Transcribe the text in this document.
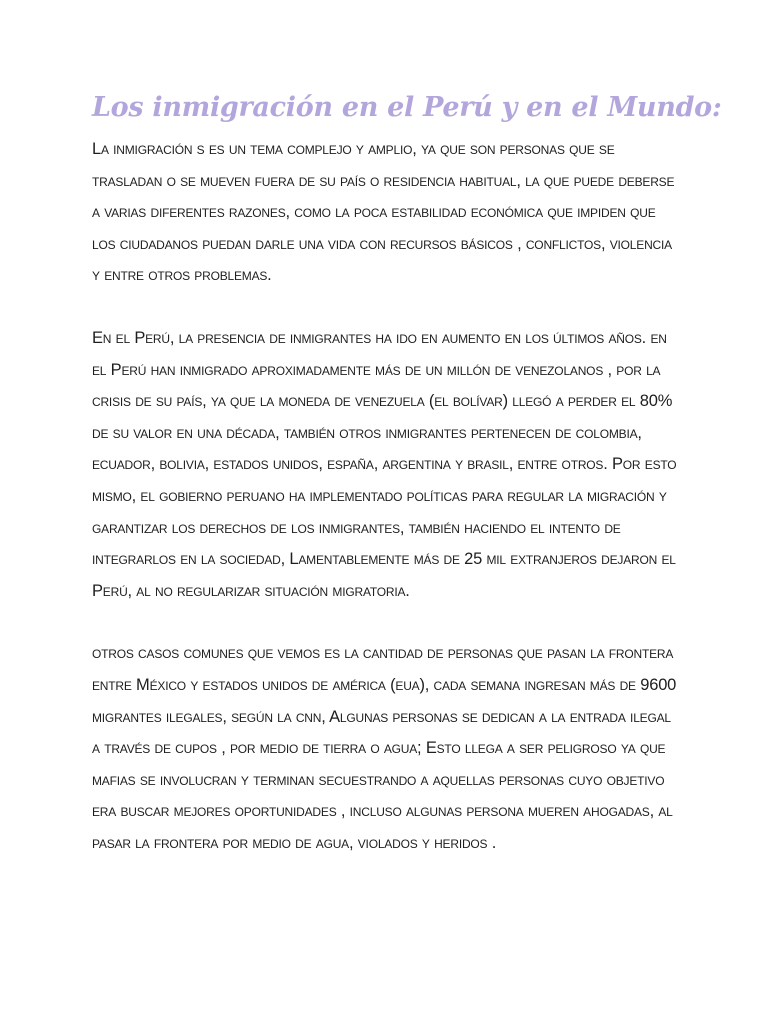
Los inmigración en el Perú y en el Mundo:

La inmigración s es un tema complejo y amplio, ya que son personas que se trasladan o se mueven fuera de su país o residencia habitual, la que puede deberse a varias diferentes razones, como la poca estabilidad económica que impiden que los ciudadanos puedan darle una vida con recursos básicos , conflictos, violencia y entre otros problemas.

En el Perú, la presencia de inmigrantes ha ido en aumento en los últimos años. en el Perú han inmigrado aproximadamente más de un millón de venezolanos , por la crisis de su país, ya que la moneda de venezuela (el bolívar) llegó a perder el 80% de su valor en una década, también otros inmigrantes pertenecen de colombia, ecuador, bolivia, estados unidos, españa, argentina y brasil, entre otros. Por esto mismo, el gobierno peruano ha implementado políticas para regular la migración y garantizar los derechos de los inmigrantes, también haciendo el intento de integrarlos en la sociedad, Lamentablemente más de 25 mil extranjeros dejaron el Perú, al no regularizar situación migratoria.

otros casos comunes que vemos es la cantidad de personas que pasan la frontera entre México y estados unidos de américa (eua), cada semana ingresan más de 9600 migrantes ilegales, según la cnn, Algunas personas se dedican a la entrada ilegal a través de cupos , por medio de tierra o agua; Esto llega a ser peligroso ya que mafias se involucran y terminan secuestrando a aquellas personas cuyo objetivo era buscar mejores oportunidades , incluso algunas persona mueren ahogadas, al pasar la frontera por medio de agua, violados y heridos .
